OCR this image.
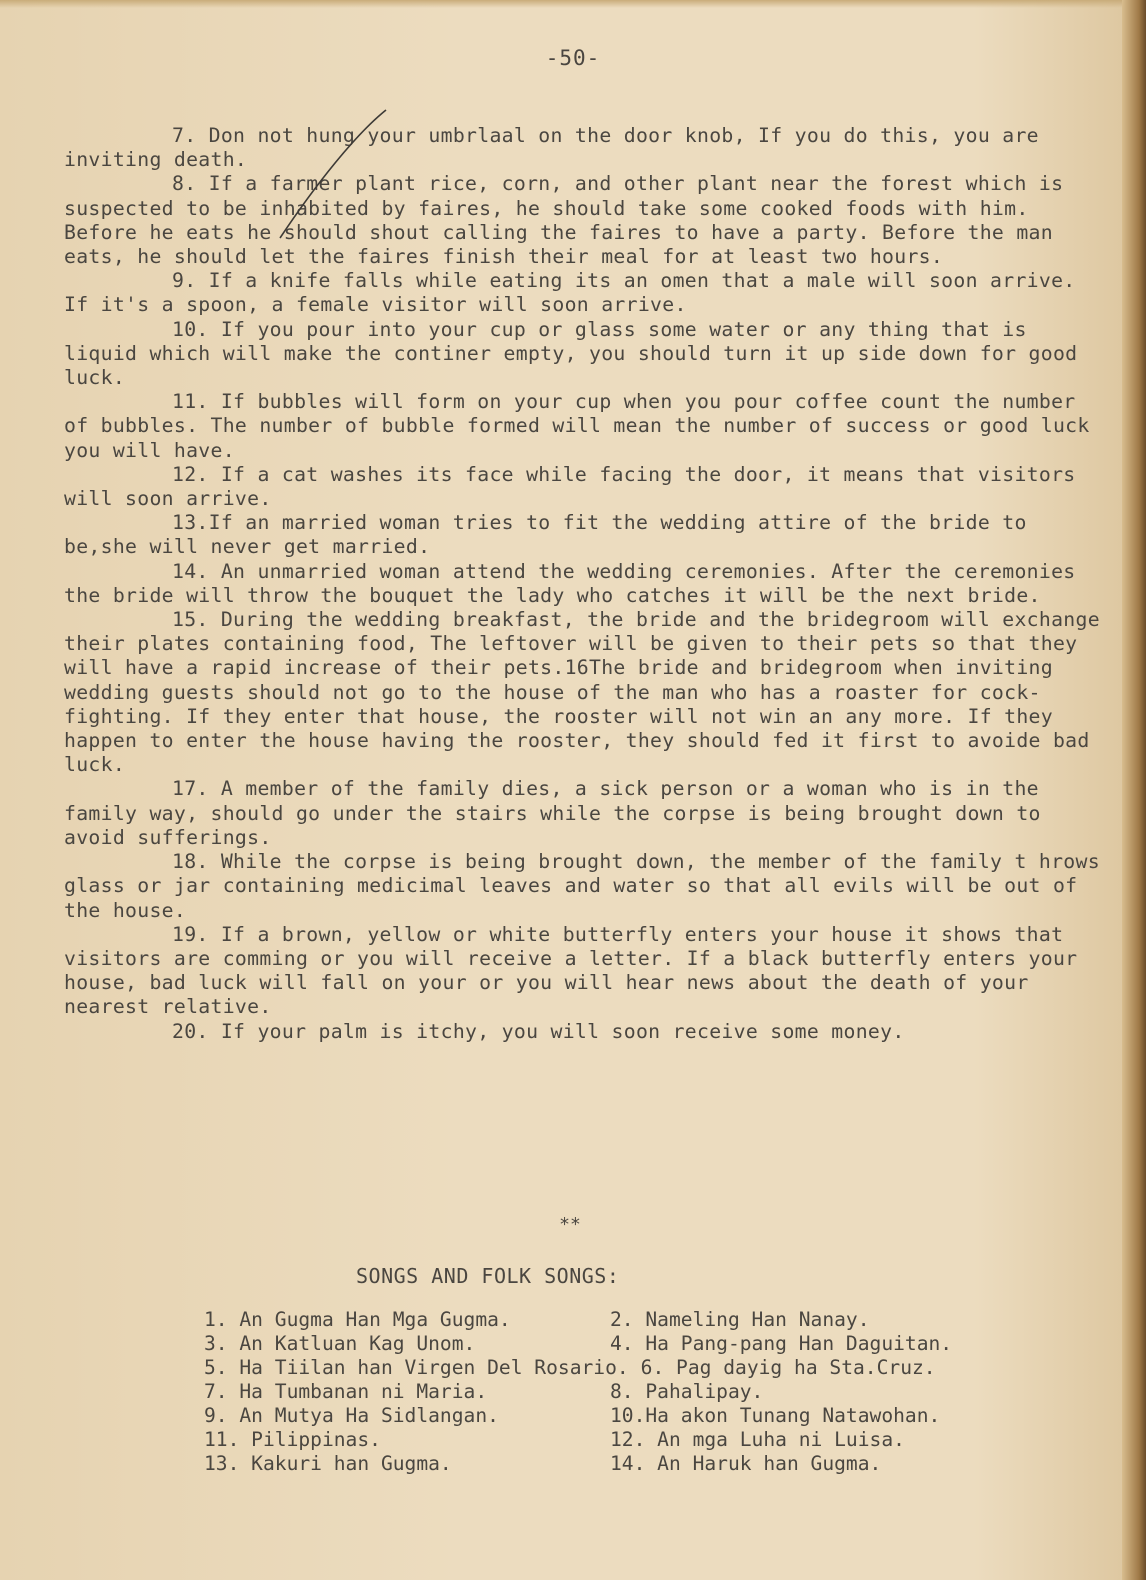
-50-

7. Don not hung your umbrlaal on the door knob, If you do this, you are inviting death.

8. If a farmer plant rice, corn, and other plant near the forest which is suspected to be inhabited by faires, he should take some cooked foods with him. Before he eats he should shout calling the faires to have a party. Before the man eats, he should let the faires finish their meal for at least two hours.

9. If a knife falls while eating its an omen that a male will soon arrive. If it's a spoon, a female visitor will soon arrive.

10. If you pour into your cup or glass some water or any thing that is liquid which will make the continer empty, you should turn it up side down for good luck.

11. If bubbles will form on your cup when you pour coffee count the number of bubbles. The number of bubble formed will mean the number of success or good luck you will have.

12. If a cat washes its face while facing the door, it means that visitors will soon arrive.

13.If an married woman tries to fit the wedding attire of the bride to be,she will never get married.

14. An unmarried woman attend the wedding ceremonies. After the ceremonies the bride will throw the bouquet the lady who catches it will be the next bride.

15. During the wedding breakfast, the bride and the bridegroom will exchange their plates containing food, The leftover will be given to their pets so that they will have a rapid increase of their pets.16The bride and bridegroom when inviting wedding guests should not go to the house of the man who has a roaster for cock-fighting. If they enter that house, the rooster will not win an any more. If they happen to enter the house having the rooster, they should fed it first to avoide bad luck.

17. A member of the family dies, a sick person or a woman who is in the family way, should go under the stairs while the corpse is being brought down to avoid sufferings.

18. While the corpse is being brought down, the member of the family t hrows glass or jar containing medicimal leaves and water so that all evils will be out of the house.

19. If a brown, yellow or white butterfly enters your house it shows that visitors are comming or you will receive a letter. If a black butterfly enters your house, bad luck will fall on your or you will hear news about the death of your nearest relative.

20. If your palm is itchy, you will soon receive some money.

**
SONGS AND FOLK SONGS:
1. An Gugma Han Mga Gugma.	2. Nameling Han Nanay.
3. An Katluan Kag Unom.	4. Ha Pang-pang Han Daguitan.
5. Ha Tiilan han Virgen Del Rosario. 6. Pag dayig ha Sta.Cruz.
7. Ha Tumbanan ni Maria.	8. Pahalipay.
9. An Mutya Ha Sidlangan.	10.Ha akon Tunang Natawohan.
11. Pilippinas.	12. An mga Luha ni Luisa.
13. Kakuri han Gugma.	14. An Haruk han Gugma.
